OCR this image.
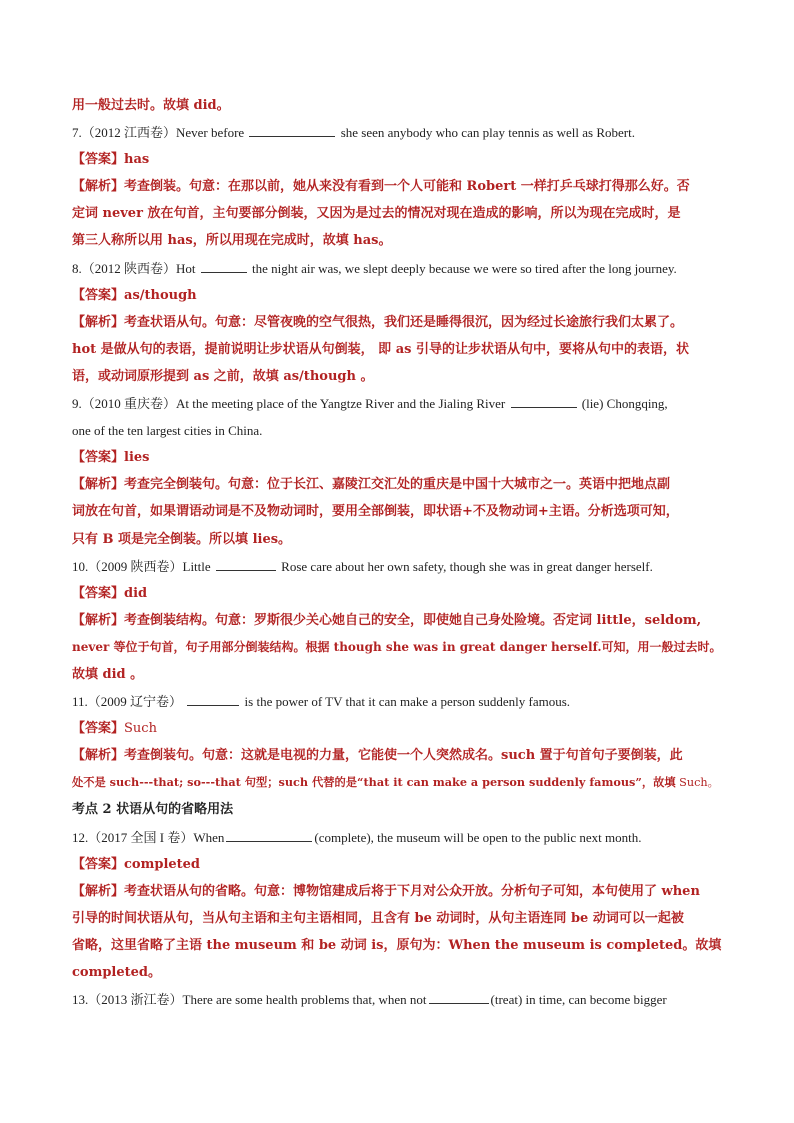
用一般过去时。故填 did。
7.（2012 江西卷）Never before	she seen anybody who can play tennis as well as Robert.
【答案】has
【解析】考查倒装。句意：在那以前，她从来没有看到一个人可能和 Robert 一样打乒乓球打得那么好。否
定词 never 放在句首，主句要部分倒装，又因为是过去的情况对现在造成的影响，所以为现在完成时，是
第三人称所以用 has，所以用现在完成时，故填 has。
8.（2012 陕西卷）Hot	the night air was, we slept deeply because we were so tired after the long journey.
【答案】as/though
【解析】考查状语从句。句意：尽管夜晚的空气很热，我们还是睡得很沉，因为经过长途旅行我们太累了。
hot 是做从句的表语，提前说明让步状语从句倒装， 即 as 引导的让步状语从句中，要将从句中的表语，状
语，或动词原形提到 as 之前，故填 as/though 。
9.（2010 重庆卷）At the meeting place of the Yangtze River and the Jialing River	(lie) Chongqing,
one of the ten largest cities in China.
【答案】lies
【解析】考查完全倒装句。句意：位于长江、嘉陵江交汇处的重庆是中国十大城市之一。英语中把地点副
词放在句首，如果谓语动词是不及物动词时，要用全部倒装，即状语+不及物动词+主语。分析选项可知，
只有 B 项是完全倒装。所以填 lies。
10.（2009 陕西卷）Little	Rose care about her own safety, though she was in great danger herself.
【答案】did
【解析】考查倒装结构。句意：罗斯很少关心她自己的安全，即使她自己身处险境。否定词 little，seldom,
never 等位于句首，句子用部分倒装结构。根据 though she was in great danger herself.可知，用一般过去时。
故填 did 。
11.（2009 辽宁卷）	is the power of TV that it can make a person suddenly famous.
【答案】Such
【解析】考查倒装句。句意：这就是电视的力量，它能使一个人突然成名。such 置于句首句子要倒装，此
处不是 such---that; so---that 句型；such 代替的是“that it can make a person suddenly famous”，故填 Such。
考点 2 状语从句的省略用法
12.（2017 全国 I 卷）When	(complete), the museum will be open to the public next month.
【答案】completed
【解析】考查状语从句的省略。句意：博物馆建成后将于下月对公众开放。分析句子可知，本句使用了 when
引导的时间状语从句，当从句主语和主句主语相同，且含有 be 动词时，从句主语连同 be 动词可以一起被
省略，这里省略了主语 the museum 和 be 动词 is，原句为：When the museum is completed。故填
completed。
13.（2013 浙江卷）There are some health problems that, when not	(treat) in time, can become bigger
